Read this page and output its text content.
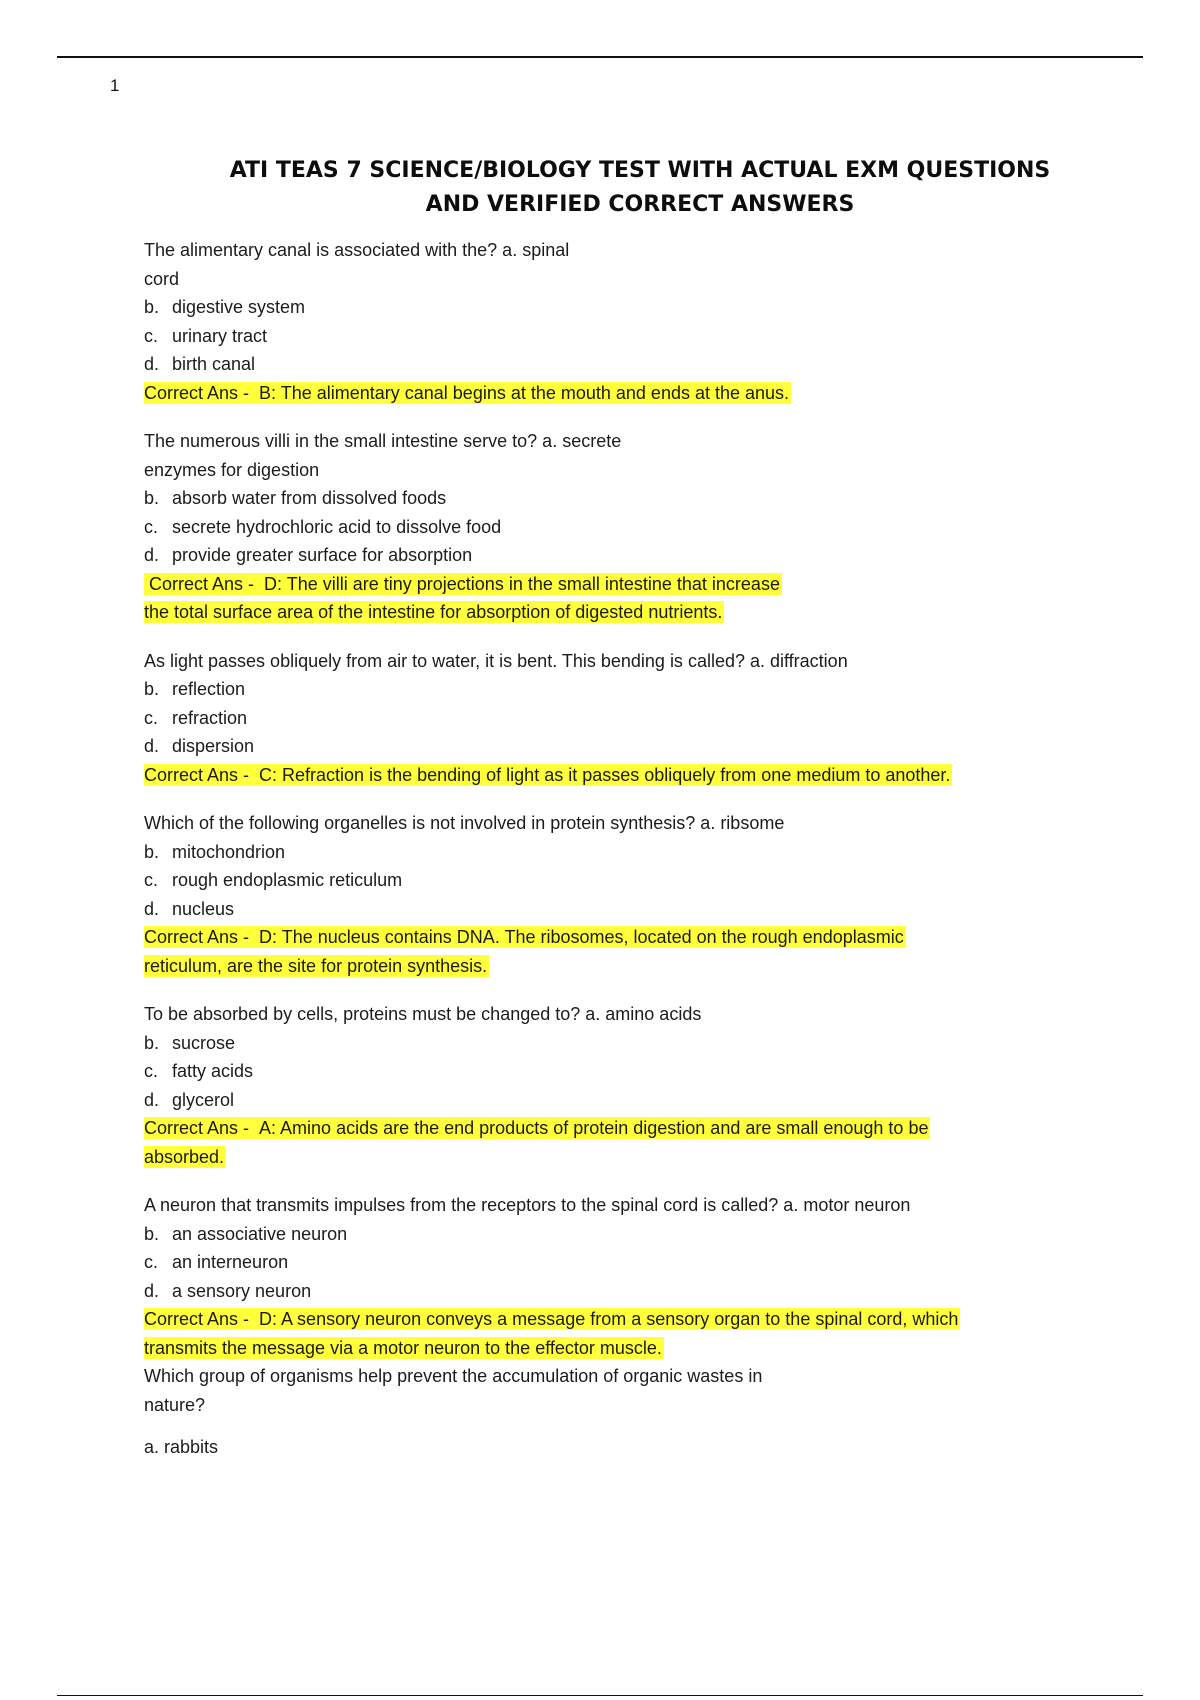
1
ATI TEAS 7 SCIENCE/BIOLOGY TEST WITH ACTUAL EXM QUESTIONS
AND VERIFIED CORRECT ANSWERS
The alimentary canal is associated with the? a. spinal
cord
b. digestive system
c. urinary tract
d. birth canal
Correct Ans - B: The alimentary canal begins at the mouth and ends at the anus.
The numerous villi in the small intestine serve to? a. secrete
enzymes for digestion
b. absorb water from dissolved foods
c. secrete hydrochloric acid to dissolve food
d. provide greater surface for absorption
Correct Ans - D: The villi are tiny projections in the small intestine that increase
the total surface area of the intestine for absorption of digested nutrients.
As light passes obliquely from air to water, it is bent. This bending is called? a. diffraction
b. reflection
c. refraction
d. dispersion
Correct Ans - C: Refraction is the bending of light as it passes obliquely from one medium to another.
Which of the following organelles is not involved in protein synthesis? a. ribsome
b. mitochondrion
c. rough endoplasmic reticulum
d. nucleus
Correct Ans - D: The nucleus contains DNA. The ribosomes, located on the rough endoplasmic
reticulum, are the site for protein synthesis.
To be absorbed by cells, proteins must be changed to? a. amino acids
b. sucrose
c. fatty acids
d. glycerol
Correct Ans - A: Amino acids are the end products of protein digestion and are small enough to be
absorbed.
A neuron that transmits impulses from the receptors to the spinal cord is called? a. motor neuron
b. an associative neuron
c. an interneuron
d. a sensory neuron
Correct Ans - D: A sensory neuron conveys a message from a sensory organ to the spinal cord, which
transmits the message via a motor neuron to the effector muscle.
Which group of organisms help prevent the accumulation of organic wastes in
nature?
a. rabbits
